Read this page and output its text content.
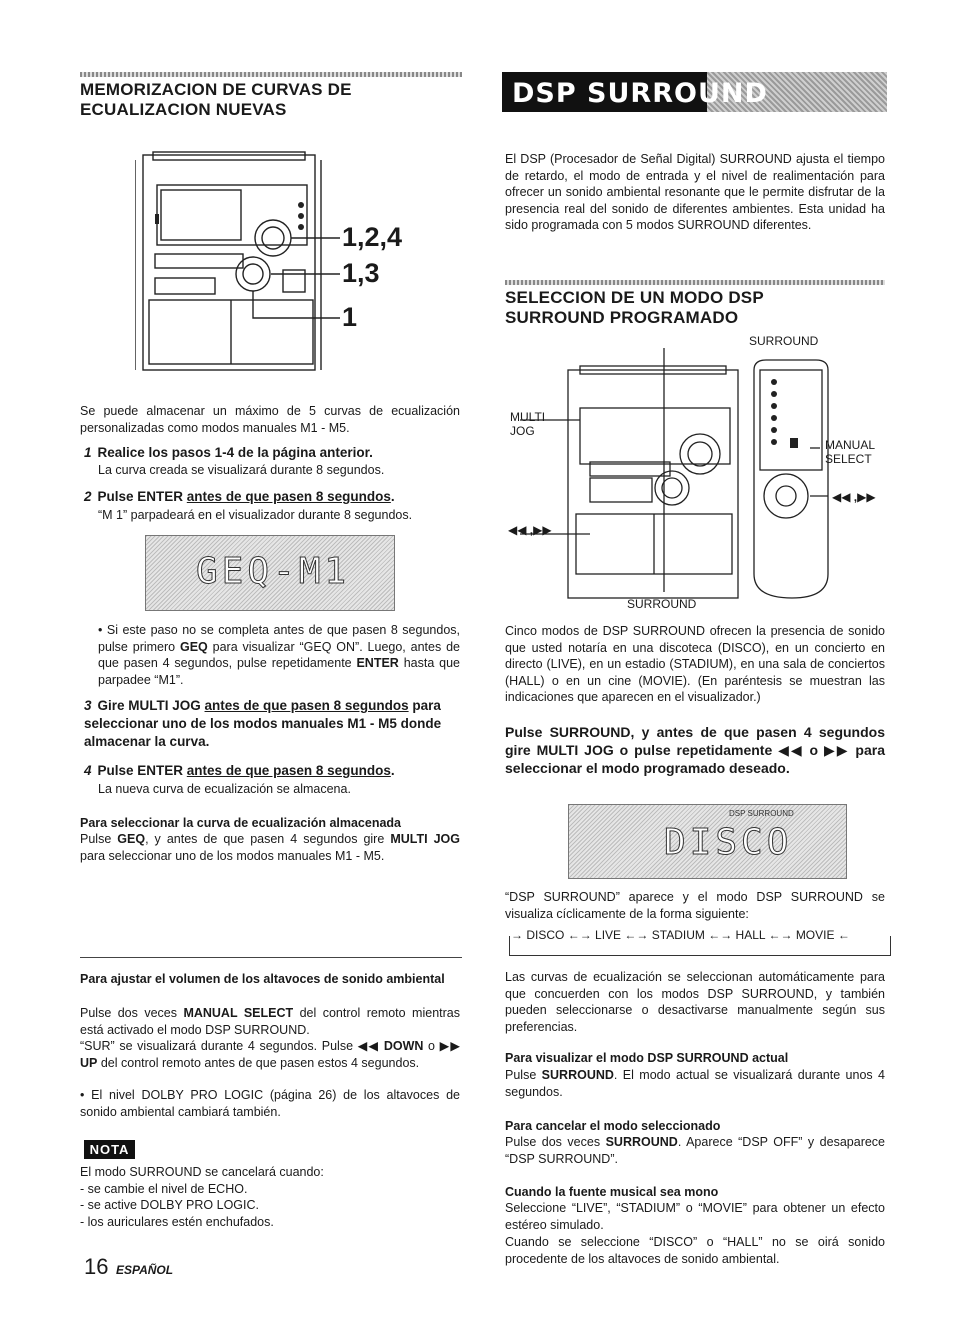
MEMORIZACION DE CURVAS DE
ECUALIZACION NUEVAS
1,2,4
1,3
1
Se puede almacenar un máximo de 5 curvas de ecualización personalizadas como modos manuales M1 - M5.
1 Realice los pasos 1-4 de la página anterior.
La curva creada se visualizará durante 8 segundos.
2 Pulse ENTER antes de que pasen 8 segundos.
“M 1” parpadeará en el visualizador durante 8 segundos.
GEQ-M1
• Si este paso no se completa antes de que pasen 8 segundos, pulse primero GEQ para visualizar “GEQ ON”. Luego, antes de que pasen 4 segundos, pulse repetidamente ENTER hasta que parpadee “M1”.
3 Gire MULTI JOG antes de que pasen 8 segundos para seleccionar uno de los modos manuales M1 - M5 donde almacenar la curva.
4 Pulse ENTER antes de que pasen 8 segundos.
La nueva curva de ecualización se almacena.
Para seleccionar la curva de ecualización almacenada
Pulse GEQ, y antes de que pasen 4 segundos gire MULTI JOG para seleccionar uno de los modos manuales M1 - M5.
Para ajustar el volumen de los altavoces de sonido ambiental
Pulse dos veces MANUAL SELECT del control remoto mientras está activado el modo DSP SURROUND.
“SUR” se visualizará durante 4 segundos. Pulse ◀◀ DOWN o ▶▶ UP del control remoto antes de que pasen estos 4 segundos.
• El nivel DOLBY PRO LOGIC (página 26) de los altavoces de sonido ambiental cambiará también.
NOTA
El modo SURROUND se cancelará cuando:
- se cambie el nivel de ECHO.
- se active DOLBY PRO LOGIC.
- los auriculares estén enchufados.
16 ESPAÑOL
DSP SURROUND
El DSP (Procesador de Señal Digital) SURROUND ajusta el tiempo de retardo, el modo de entrada y el nivel de realimentación para ofrecer un sonido ambiental resonante que le permite disfrutar de la presencia real del sonido de diferentes ambientes. Esta unidad ha sido programada con 5 modos SURROUND diferentes.
SELECCION DE UN MODO DSP
SURROUND PROGRAMADO
SURROUND
MULTI
JOG
MANUAL
SELECT
◀◀ ,▶▶
◀◀ ,▶▶
SURROUND
Cinco modos de DSP SURROUND ofrecen la presencia de sonido que usted notaría en una discoteca (DISCO), en un concierto en directo (LIVE), en un estadio (STADIUM), en una sala de conciertos (HALL) o en un cine (MOVIE). (En paréntesis se muestran las indicaciones que aparecen en el visualizador.)
Pulse SURROUND, y antes de que pasen 4 segundos gire MULTI JOG o pulse repetidamente ◀◀ o ▶▶ para seleccionar el modo programado deseado.
DSP SURROUND
DISCO
“DSP SURROUND” aparece y el modo DSP SURROUND se visualiza cíclicamente de la forma siguiente:
→ DISCO ←→ LIVE ←→ STADIUM ←→ HALL ←→ MOVIE ←
Las curvas de ecualización se seleccionan automáticamente para que concuerden con los modos DSP SURROUND, y también pueden seleccionarse o desactivarse manualmente según sus preferencias.
Para visualizar el modo DSP SURROUND actual
Pulse SURROUND. El modo actual se visualizará durante unos 4 segundos.
Para cancelar el modo seleccionado
Pulse dos veces SURROUND. Aparece “DSP OFF” y desaparece “DSP SURROUND”.
Cuando la fuente musical sea mono
Seleccione “LIVE”, “STADIUM” o “MOVIE” para obtener un efecto estéreo simulado.
Cuando se seleccione “DISCO” o “HALL” no se oirá sonido procedente de los altavoces de sonido ambiental.
